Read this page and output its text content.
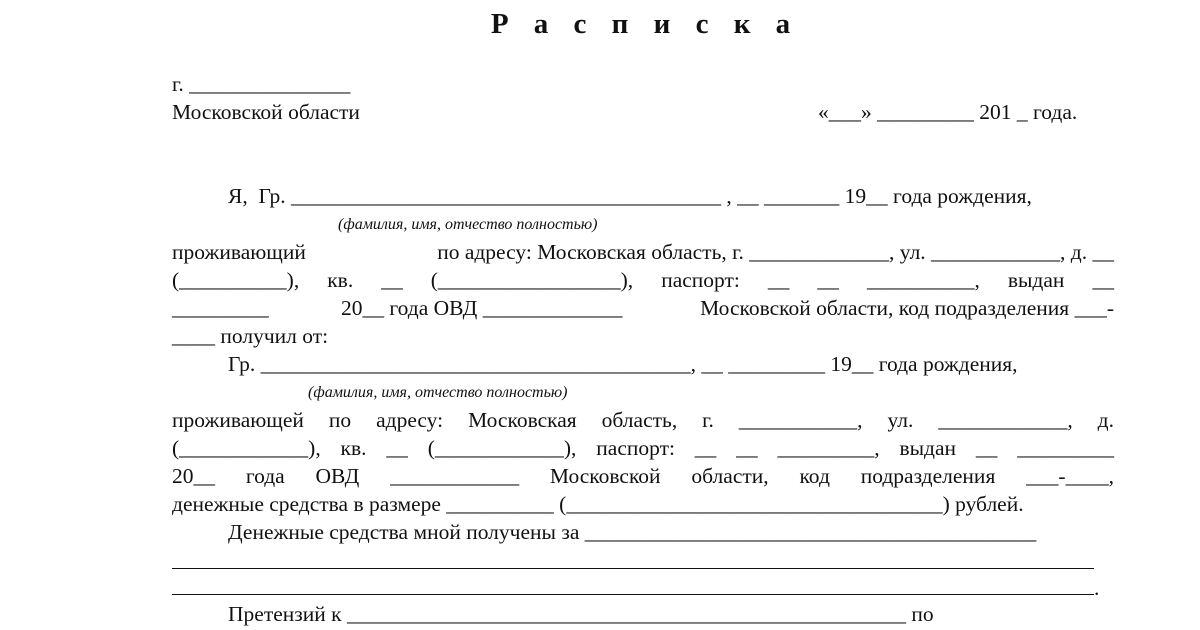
Р а с п и с к а
г. _______________
Московской области	«___» _________ 201 _ года.
Я,  Гр. ________________________________________ , __ _______ 19__ года рождения,
(фамилия, имя, отчество полностью)
проживающий	по адресу: Московская область, г. _____________, ул. ____________, д. __
(__________), кв. __ (_________________), паспорт: __ __ __________, выдан __
_________	20__ года ОВД _____________	Московской области, код подразделения ___-
____ получил от:
Гр. ________________________________________, __ _________ 19__ года рождения,
(фамилия, имя, отчество полностью)
проживающей по адресу: Московская область, г. ___________, ул. ____________, д.
(____________), кв. __ (____________), паспорт: __ __ _________, выдан __ _________
20__ года ОВД ____________ Московской области, код подразделения ___-____,
денежные средства в размере __________ (___________________________________) рублей.
Денежные средства мной получены за __________________________________________
.
Претензий к ____________________________________________________ по
